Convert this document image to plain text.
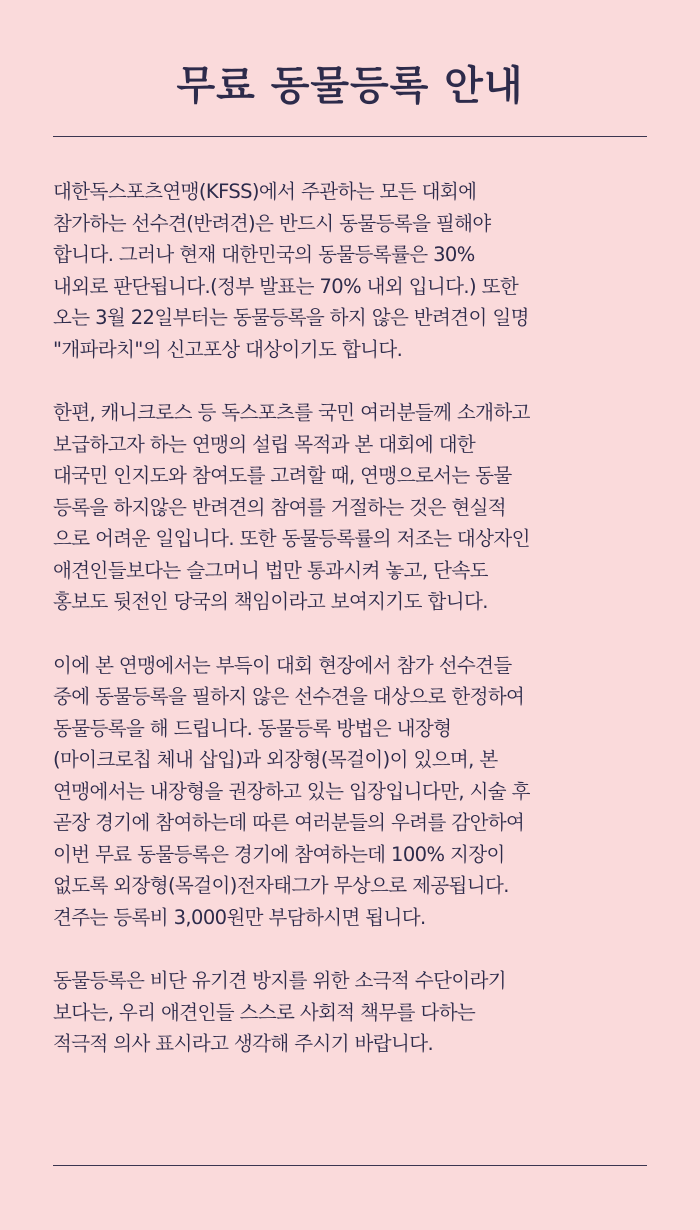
무료 동물등록 안내

대한독스포츠연맹(KFSS)에서 주관하는 모든 대회에
참가하는 선수견(반려견)은 반드시 동물등록을 필해야
합니다. 그러나 현재 대한민국의 동물등록률은 30%
내외로 판단됩니다.(정부 발표는 70% 내외 입니다.) 또한
오는 3월 22일부터는 동물등록을 하지 않은 반려견이 일명
"개파라치"의 신고포상 대상이기도 합니다.

한편, 캐니크로스 등 독스포츠를 국민 여러분들께 소개하고
보급하고자 하는 연맹의 설립 목적과 본 대회에 대한
대국민 인지도와 참여도를 고려할 때, 연맹으로서는 동물
등록을 하지않은 반려견의 참여를 거절하는 것은 현실적
으로 어려운 일입니다. 또한 동물등록률의 저조는 대상자인
애견인들보다는 슬그머니 법만 통과시켜 놓고, 단속도
홍보도 뒷전인 당국의 책임이라고 보여지기도 합니다.

이에 본 연맹에서는 부득이 대회 현장에서 참가 선수견들
중에 동물등록을 필하지 않은 선수견을 대상으로 한정하여
동물등록을 해 드립니다. 동물등록 방법은 내장형
(마이크로칩 체내 삽입)과 외장형(목걸이)이 있으며, 본
연맹에서는 내장형을 권장하고 있는 입장입니다만, 시술 후
곧장 경기에 참여하는데 따른 여러분들의 우려를 감안하여
이번 무료 동물등록은 경기에 참여하는데 100% 지장이
없도록 외장형(목걸이)전자태그가 무상으로 제공됩니다.
견주는 등록비 3,000원만 부담하시면 됩니다.

동물등록은 비단 유기견 방지를 위한 소극적 수단이라기
보다는, 우리 애견인들 스스로 사회적 책무를 다하는
적극적 의사 표시라고 생각해 주시기 바랍니다.
